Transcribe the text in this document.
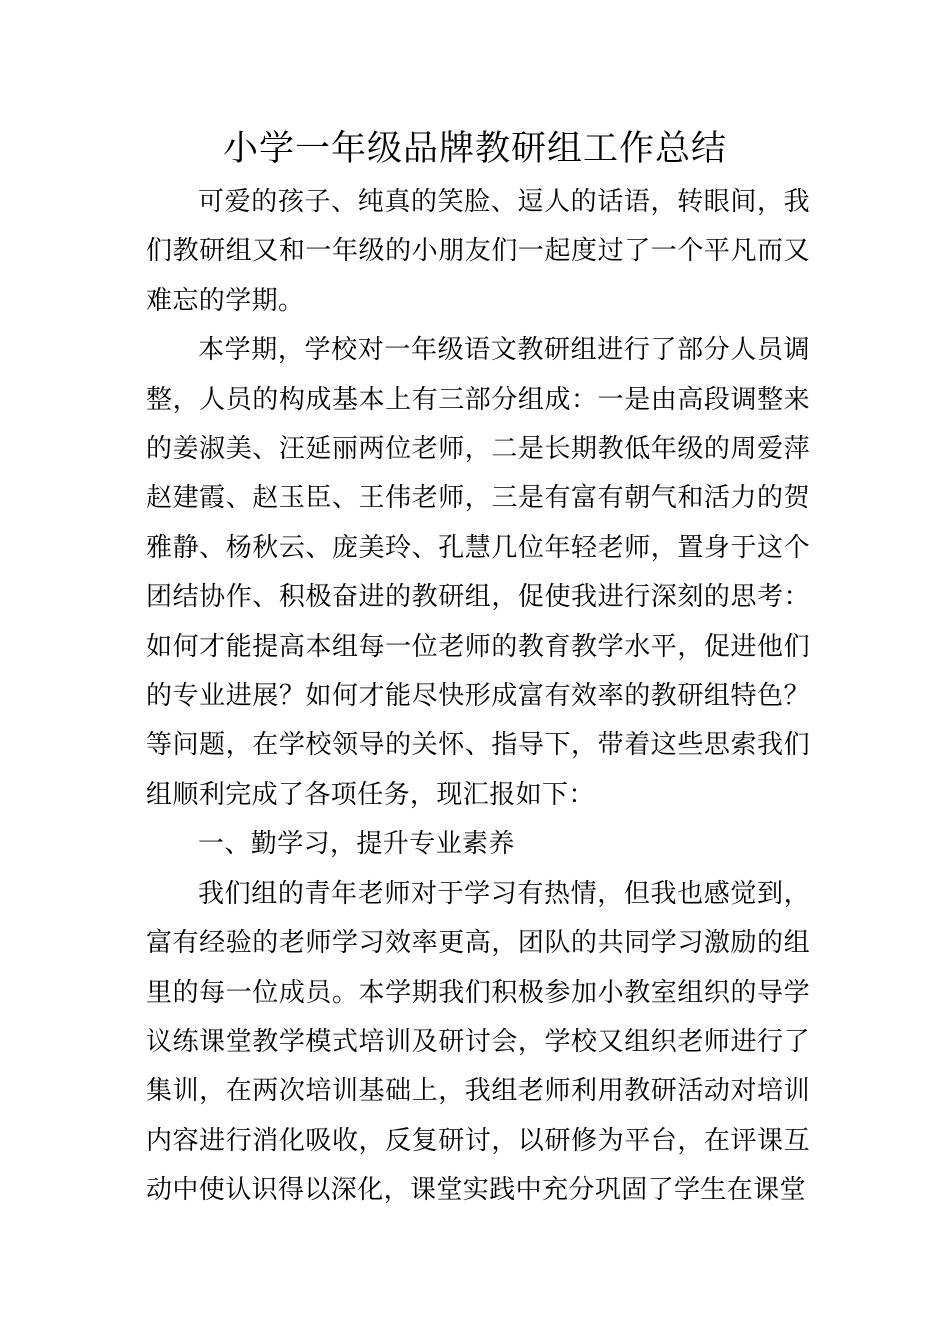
小学一年级品牌教研组工作总结

可爱的孩子、纯真的笑脸、逗人的话语，转眼间，我们教研组又和一年级的小朋友们一起度过了一个平凡而又难忘的学期。

本学期，学校对一年级语文教研组进行了部分人员调整，人员的构成基本上有三部分组成：一是由高段调整来的姜淑美、汪延丽两位老师，二是长期教低年级的周爱萍赵建霞、赵玉臣、王伟老师，三是有富有朝气和活力的贺雅静、杨秋云、庞美玲、孔慧几位年轻老师，置身于这个团结协作、积极奋进的教研组，促使我进行深刻的思考：如何才能提高本组每一位老师的教育教学水平，促进他们的专业进展？如何才能尽快形成富有效率的教研组特色？等问题，在学校领导的关怀、指导下，带着这些思索我们组顺利完成了各项任务，现汇报如下：

一、勤学习，提升专业素养

我们组的青年老师对于学习有热情，但我也感觉到，富有经验的老师学习效率更高，团队的共同学习激励的组里的每一位成员。本学期我们积极参加小教室组织的导学议练课堂教学模式培训及研讨会，学校又组织老师进行了集训，在两次培训基础上，我组老师利用教研活动对培训内容进行消化吸收，反复研讨，以研修为平台，在评课互动中使认识得以深化，课堂实践中充分巩固了学生在课堂
